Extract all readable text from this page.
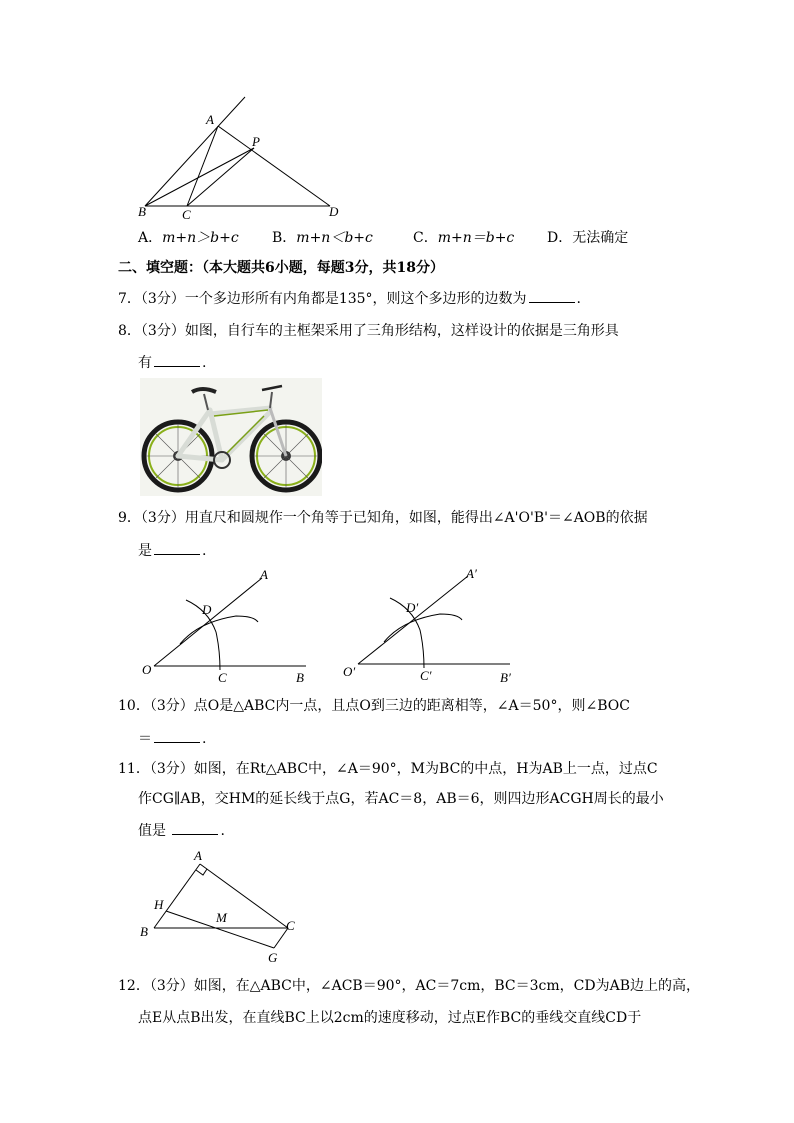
A
P
B	C	D
A．m+n＞b+c B．m+n＜b+c	C．m+n＝b+c D．无法确定
二、填空题：（本大题共6小题，每题3分，共18分）
7．（3分）一个多边形所有内角都是135°，则这个多边形的边数为	.
8．（3分）如图，自行车的主框架采用了三角形结构，这样设计的依据是三角形具
有	.
9．（3分）用直尺和圆规作一个角等于已知角，如图，能得出∠A'O'B'＝∠AOB的依据
是	.
A
D
O
C	B
A′
D′
O′	C′	B′
10．（3分）点O是△ABC内一点，且点O到三边的距离相等，∠A＝50°，则∠BOC
＝	.
11．（3分）如图，在Rt△ABC中，∠A＝90°，M为BC的中点，H为AB上一点，过点C
作CG∥AB，交HM的延长线于点G，若AC＝8，AB＝6，则四边形ACGH周长的最小
值是	.
A
H
M
B	C
G
12．（3分）如图，在△ABC中，∠ACB＝90°，AC＝7cm，BC＝3cm，CD为AB边上的高，
点E从点B出发，在直线BC上以2cm的速度移动，过点E作BC的垂线交直线CD于
